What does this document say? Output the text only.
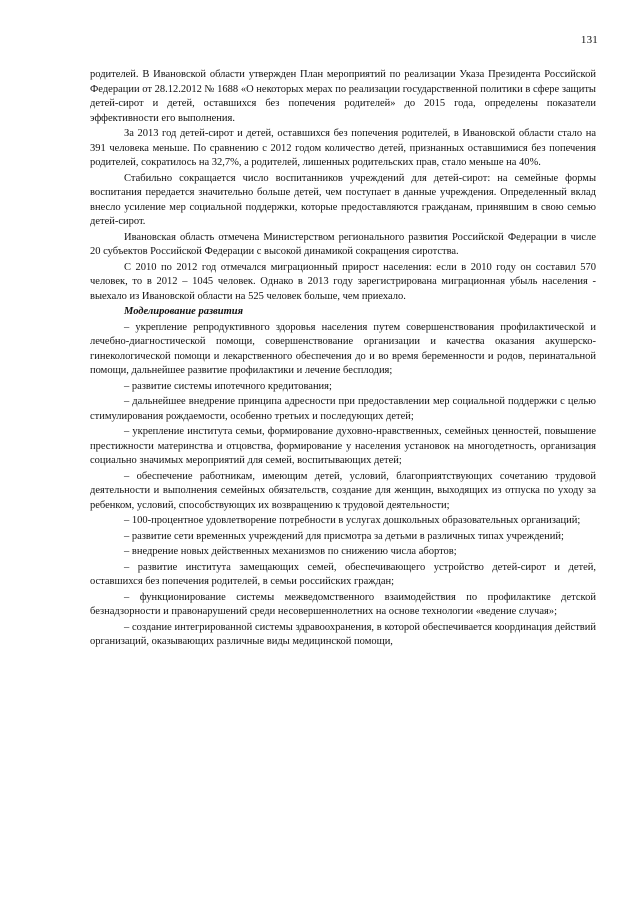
131

родителей. В Ивановской области утвержден План мероприятий по реализации Указа Президента Российской Федерации от 28.12.2012 № 1688 «О некоторых мерах по реализации государственной политики в сфере защиты детей-сирот и детей, оставшихся без попечения родителей» до 2015 года, определены показатели эффективности его выполнения.

За 2013 год детей-сирот и детей, оставшихся без попечения родителей, в Ивановской области стало на 391 человека меньше. По сравнению с 2012 годом количество детей, признанных оставшимися без попечения родителей, сократилось на 32,7%, а родителей, лишенных родительских прав, стало меньше на 40%.

Стабильно сокращается число воспитанников учреждений для детей-сирот: на семейные формы воспитания передается значительно больше детей, чем поступает в данные учреждения. Определенный вклад внесло усиление мер социальной поддержки, которые предоставляются гражданам, принявшим в свою семью детей-сирот.

Ивановская область отмечена Министерством регионального развития Российской Федерации в числе 20 субъектов Российской Федерации с высокой динамикой сокращения сиротства.

С 2010 по 2012 год отмечался миграционный прирост населения: если в 2010 году он составил 570 человек, то в 2012 – 1045 человек. Однако в 2013 году зарегистрирована миграционная убыль населения - выехало из Ивановской области на 525 человек больше, чем приехало.

Моделирование развития

– укрепление репродуктивного здоровья населения путем совершенствования профилактической и лечебно-диагностической помощи, совершенствование организации и качества оказания акушерско-гинекологической помощи и лекарственного обеспечения до и во время беременности и родов, перинатальной помощи, дальнейшее развитие профилактики и лечение бесплодия;

– развитие системы ипотечного кредитования;

– дальнейшее внедрение принципа адресности при предоставлении мер социальной поддержки с целью стимулирования рождаемости, особенно третьих и последующих детей;

– укрепление института семьи, формирование духовно-нравственных, семейных ценностей, повышение престижности материнства и отцовства, формирование у населения установок на многодетность, организация социально значимых мероприятий для семей, воспитывающих детей;

– обеспечение работникам, имеющим детей, условий, благоприятствующих сочетанию трудовой деятельности и выполнения семейных обязательств, создание для женщин, выходящих из отпуска по уходу за ребенком, условий, способствующих их возвращению к трудовой деятельности;

– 100-процентное удовлетворение потребности в услугах дошкольных образовательных организаций;

– развитие сети временных учреждений для присмотра за детьми в различных типах учреждений;

– внедрение новых действенных механизмов по снижению числа абортов;

– развитие института замещающих семей, обеспечивающего устройство детей-сирот и детей, оставшихся без попечения родителей, в семьи российских граждан;

– функционирование системы межведомственного взаимодействия по профилактике детской безнадзорности и правонарушений среди несовершеннолетних на основе технологии «ведение случая»;

– создание интегрированной системы здравоохранения, в которой обеспечивается координация действий организаций, оказывающих различные виды медицинской помощи,
